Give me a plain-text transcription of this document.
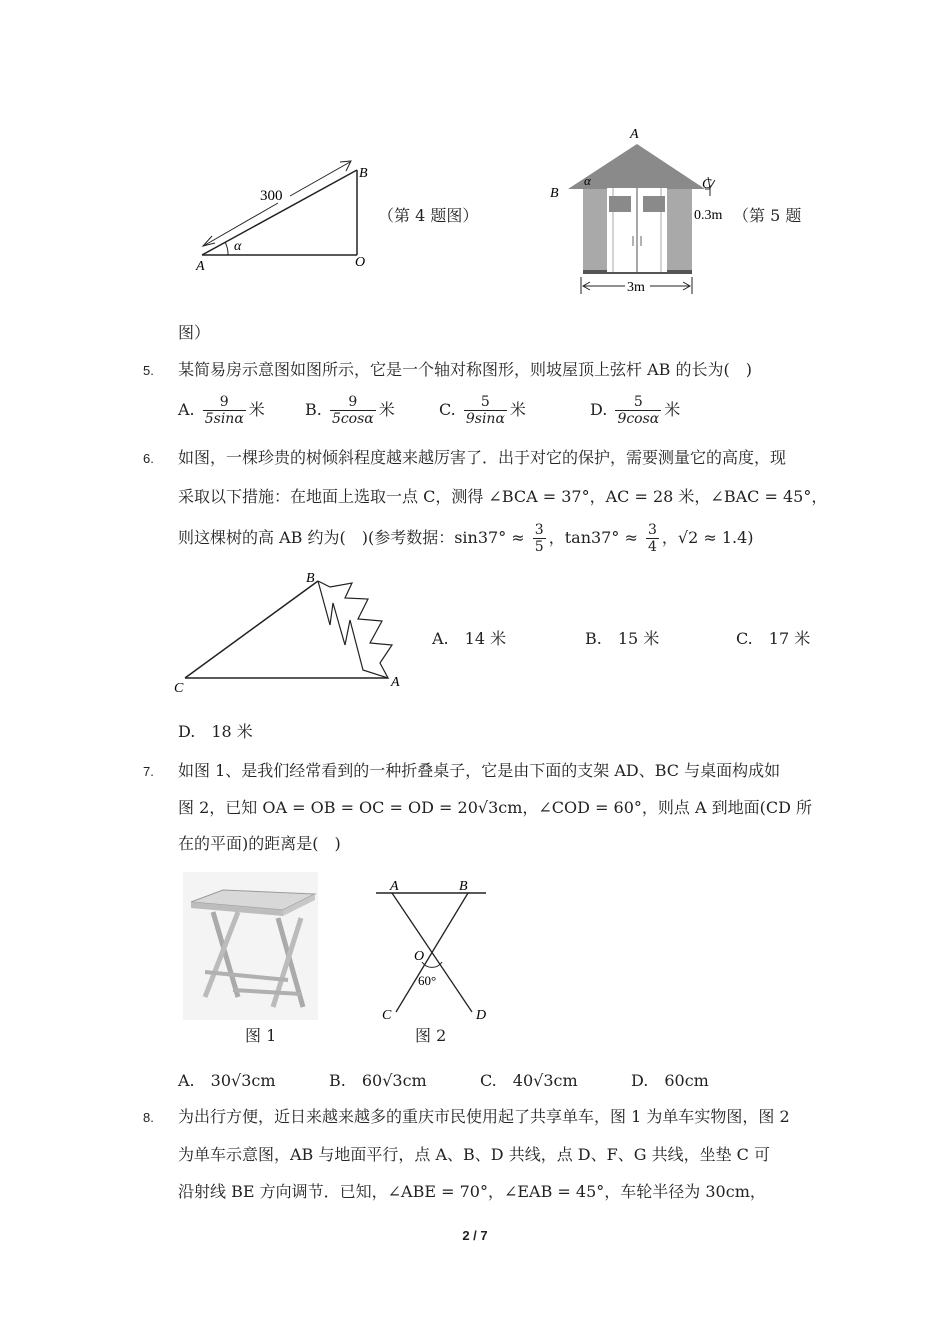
300
α
A
B
O
（第 4 题图）
A
B
C
α
0.3m
3m
（第 5 题
图）
5. 某简易房示意图如图所示，它是一个轴对称图形，则坡屋顶上弦杆 AB 的长为(　)
A. $\frac{9}{5\sin\alpha}$ 米	B. $\frac{9}{5\cos\alpha}$ 米	C. $\frac{5}{9\sin\alpha}$ 米	D. $\frac{5}{9\cos\alpha}$ 米
6. 如图，一棵珍贵的树倾斜程度越来越厉害了．出于对它的保护，需要测量它的高度，现
采取以下措施：在地面上选取一点 C，测得 ∠BCA = 37°，AC = 28 米，∠BAC = 45°，
则这棵树的高 AB 约为(　)(参考数据：$\sin 37^\circ \approx \frac{3}{5}$ ，$\tan 37^\circ \approx \frac{3}{4}$ ，√2 ≈ 1.4)
B
C	A
A.　14 米	B.　15 米	C.　17 米
D.　18 米
7. 如图 1、是我们经常看到的一种折叠桌子，它是由下面的支架 AD、BC 与桌面构成如
图 2，已知 OA = OB = OC = OD = 20√3cm，∠COD = 60°，则点 A 到地面(CD 所
在的平面)的距离是(　)
图 1
A	B
O
60°
C	D
图 2
A.　30√3cm	B.　60√3cm	C.　40√3cm	D.　60cm
8. 为出行方便，近日来越来越多的重庆市民使用起了共享单车，图 1 为单车实物图，图 2
为单车示意图，AB 与地面平行，点 A、B、D 共线，点 D、F、G 共线，坐垫 C 可
沿射线 BE 方向调节．已知，∠ABE = 70°，∠EAB = 45°，车轮半径为 30cm，
2 / 7
